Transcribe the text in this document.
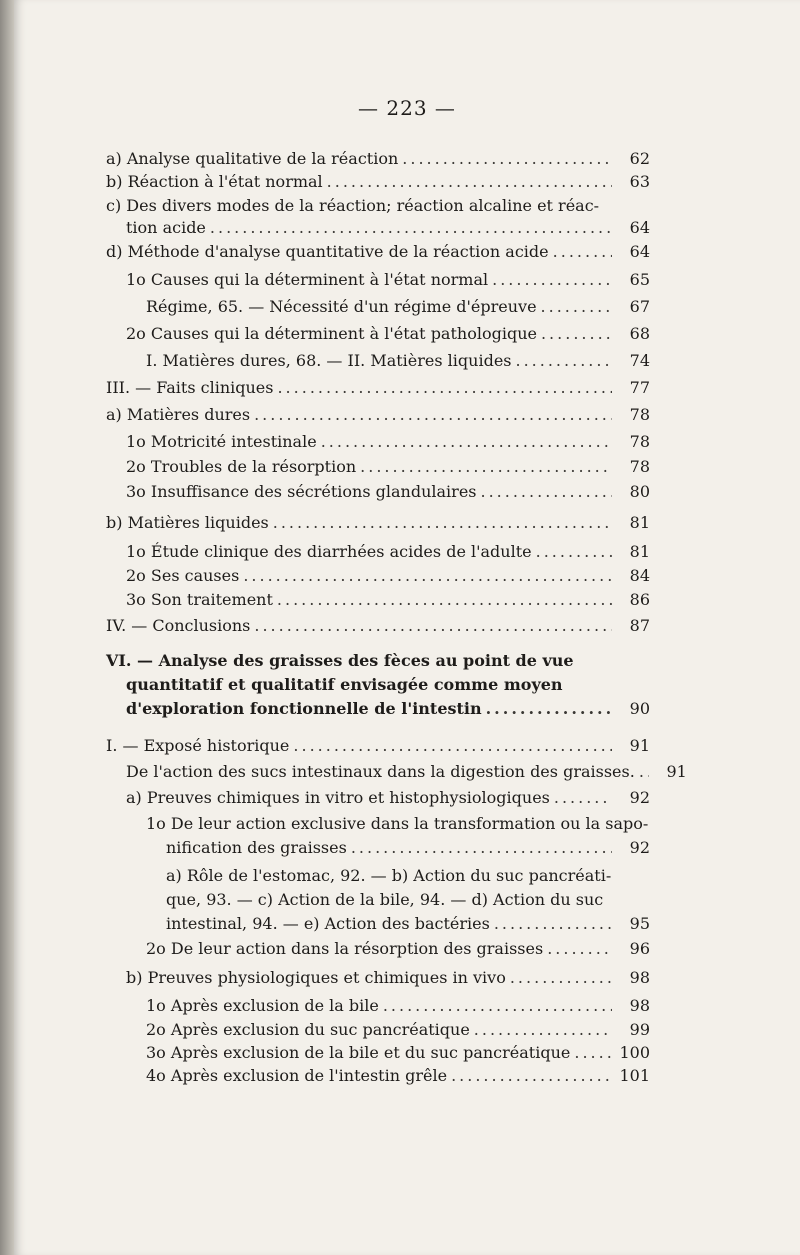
— 223 —
a) Analyse qualitative de la réaction .....	62
b) Réaction à l'état normal .....	63
c) Des divers modes de la réaction; réaction alcaline et réac-
tion acide .....	64
d) Méthode d'analyse quantitative de la réaction acide .....	64
1o Causes qui la déterminent à l'état normal .....	65
Régime, 65. — Nécessité d'un régime d'épreuve .....	67
2o Causes qui la déterminent à l'état pathologique .....	68
I. Matières dures, 68. — II. Matières liquides .....	74
III. — Faits cliniques .....	77
a) Matières dures .....	78
1o Motricité intestinale .....	78
2o Troubles de la résorption .....	78
3o Insuffisance des sécrétions glandulaires .....	80
b) Matières liquides .....	81
1o Étude clinique des diarrhées acides de l'adulte .....	81
2o Ses causes .....	84
3o Son traitement .....	86
IV. — Conclusions .....	87
VI. — Analyse des graisses des fèces au point de vue
quantitatif et qualitatif envisagée comme moyen
d'exploration fonctionnelle de l'intestin .....	90
I. — Exposé historique .....	91
De l'action des sucs intestinaux dans la digestion des graisses. .....	91
a) Preuves chimiques in vitro et histophysiologiques .....	92
1o De leur action exclusive dans la transformation ou la sapo-
nification des graisses .....	92
a) Rôle de l'estomac, 92. — b) Action du suc pancréati-
que, 93. — c) Action de la bile, 94. — d) Action du suc
intestinal, 94. — e) Action des bactéries .....	95
2o De leur action dans la résorption des graisses .....	96
b) Preuves physiologiques et chimiques in vivo .....	98
1o Après exclusion de la bile .....	98
2o Après exclusion du suc pancréatique .....	99
3o Après exclusion de la bile et du suc pancréatique .....	100
4o Après exclusion de l'intestin grêle .....	101
